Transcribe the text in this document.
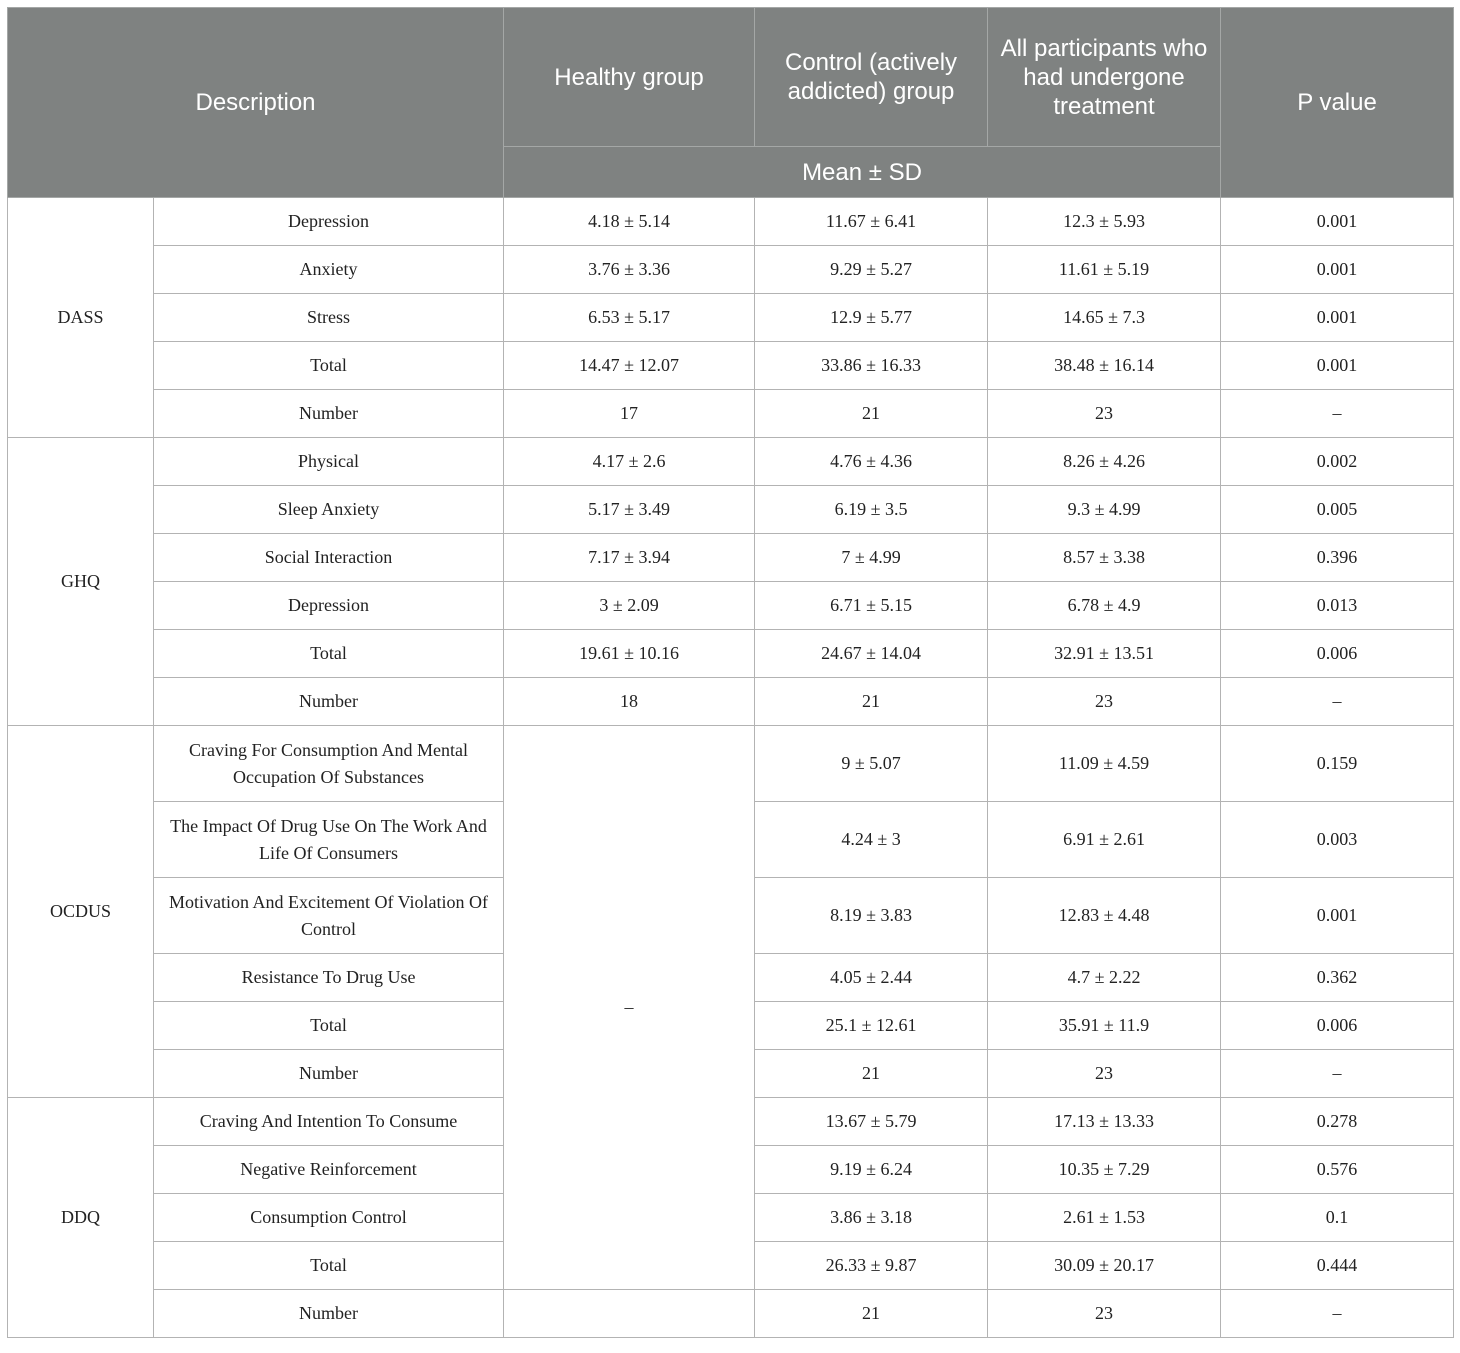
Description		Healthy group	Control (actively addicted) group	All participants who had undergone treatment	P value
		Mean ± SD			
DASS	Depression	4.18 ± 5.14	11.67 ± 6.41	12.3 ± 5.93	0.001
	Anxiety	3.76 ± 3.36	9.29 ± 5.27	11.61 ± 5.19	0.001
	Stress	6.53 ± 5.17	12.9 ± 5.77	14.65 ± 7.3	0.001
	Total	14.47 ± 12.07	33.86 ± 16.33	38.48 ± 16.14	0.001
	Number	17	21	23	–
GHQ	Physical	4.17 ± 2.6	4.76 ± 4.36	8.26 ± 4.26	0.002
	Sleep Anxiety	5.17 ± 3.49	6.19 ± 3.5	9.3 ± 4.99	0.005
	Social Interaction	7.17 ± 3.94	7 ± 4.99	8.57 ± 3.38	0.396
	Depression	3 ± 2.09	6.71 ± 5.15	6.78 ± 4.9	0.013
	Total	19.61 ± 10.16	24.67 ± 14.04	32.91 ± 13.51	0.006
	Number	18	21	23	–
OCDUS	Craving For Consumption And Mental Occupation Of Substances	–	9 ± 5.07	11.09 ± 4.59	0.159
	The Impact Of Drug Use On The Work And Life Of Consumers		4.24 ± 3	6.91 ± 2.61	0.003
	Motivation And Excitement Of Violation Of Control		8.19 ± 3.83	12.83 ± 4.48	0.001
	Resistance To Drug Use		4.05 ± 2.44	4.7 ± 2.22	0.362
	Total		25.1 ± 12.61	35.91 ± 11.9	0.006
	Number		21	23	–
DDQ	Craving And Intention To Consume		13.67 ± 5.79	17.13 ± 13.33	0.278
	Negative Reinforcement		9.19 ± 6.24	10.35 ± 7.29	0.576
	Consumption Control		3.86 ± 3.18	2.61 ± 1.53	0.1
	Total		26.33 ± 9.87	30.09 ± 20.17	0.444
	Number		21	23	–
